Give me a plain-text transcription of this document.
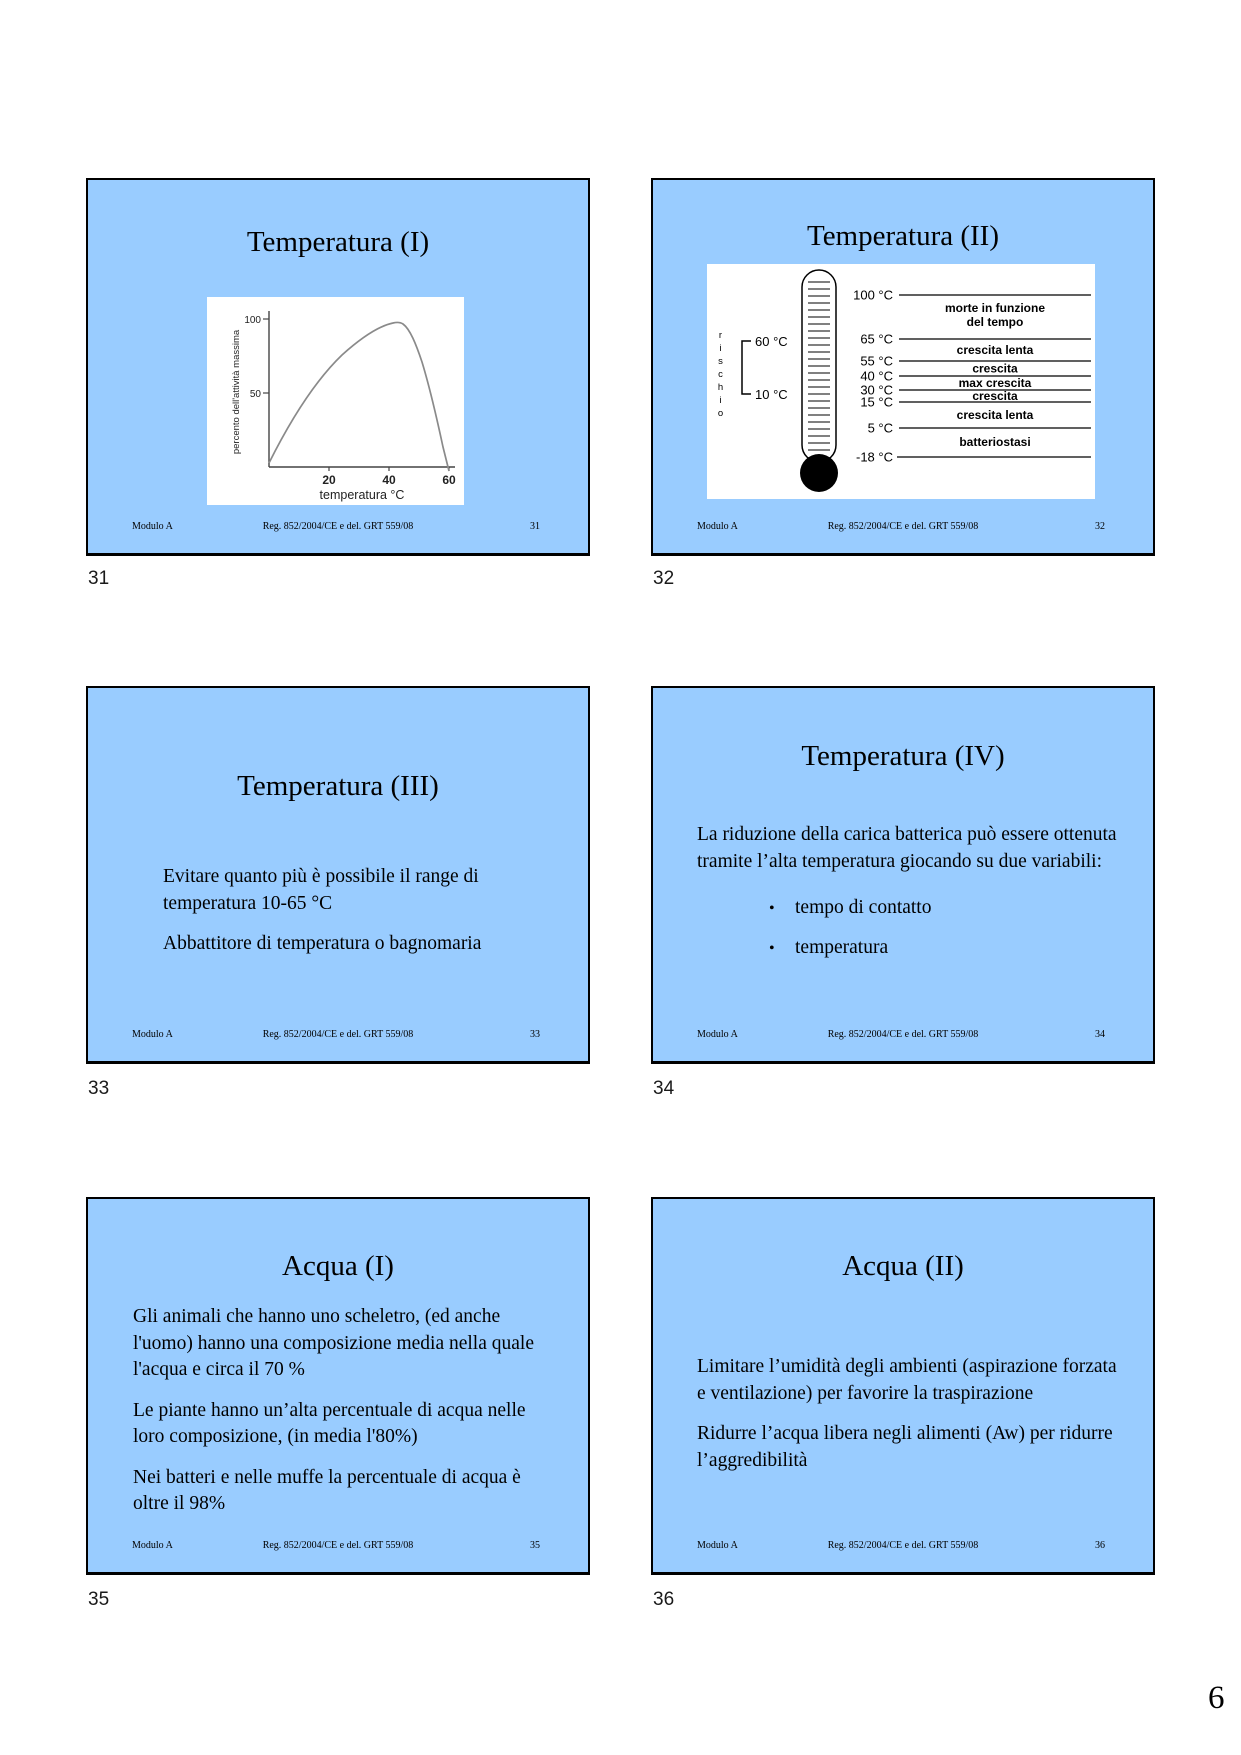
Temperatura (I)
100
50
20	40	60
temperatura °C
percento dell'attività massima
Modulo A	Reg. 852/2004/CE e del. GRT 559/08	31
31
Temperatura (II)
60 °C
10 °C
100 °C
65 °C
55 °C
40 °C
30 °C
15 °C
5 °C
-18 °C
morte in funzione
del tempo
crescita lenta
crescita
max crescita
crescita
crescita lenta
batteriostasi
rischio
Modulo A	Reg. 852/2004/CE e del. GRT 559/08	32
32
Temperatura (III)

Evitare quanto più è possibile il range di temperatura 10-65 °C

Abbattitore di temperatura o bagnomaria

Modulo A	Reg. 852/2004/CE e del. GRT 559/08	33
33
Temperatura (IV)

La riduzione della carica batterica può essere ottenuta tramite l’alta temperatura giocando su due variabili:

• tempo di contatto
• temperatura
Modulo A	Reg. 852/2004/CE e del. GRT 559/08	34
34
Acqua (I)

Gli animali che hanno uno scheletro, (ed anche l'uomo) hanno una composizione media nella quale l'acqua e circa il 70 %

Le piante hanno un’alta percentuale di acqua nelle loro composizione, (in media l'80%)

Nei batteri e nelle muffe la percentuale di acqua è oltre il 98%

Modulo A	Reg. 852/2004/CE e del. GRT 559/08	35
35
Acqua (II)

Limitare l’umidità degli ambienti (aspirazione forzata e ventilazione) per favorire la traspirazione

Ridurre l’acqua libera negli alimenti (Aw) per ridurre l’aggredibilità

Modulo A	Reg. 852/2004/CE e del. GRT 559/08	36
36
6
